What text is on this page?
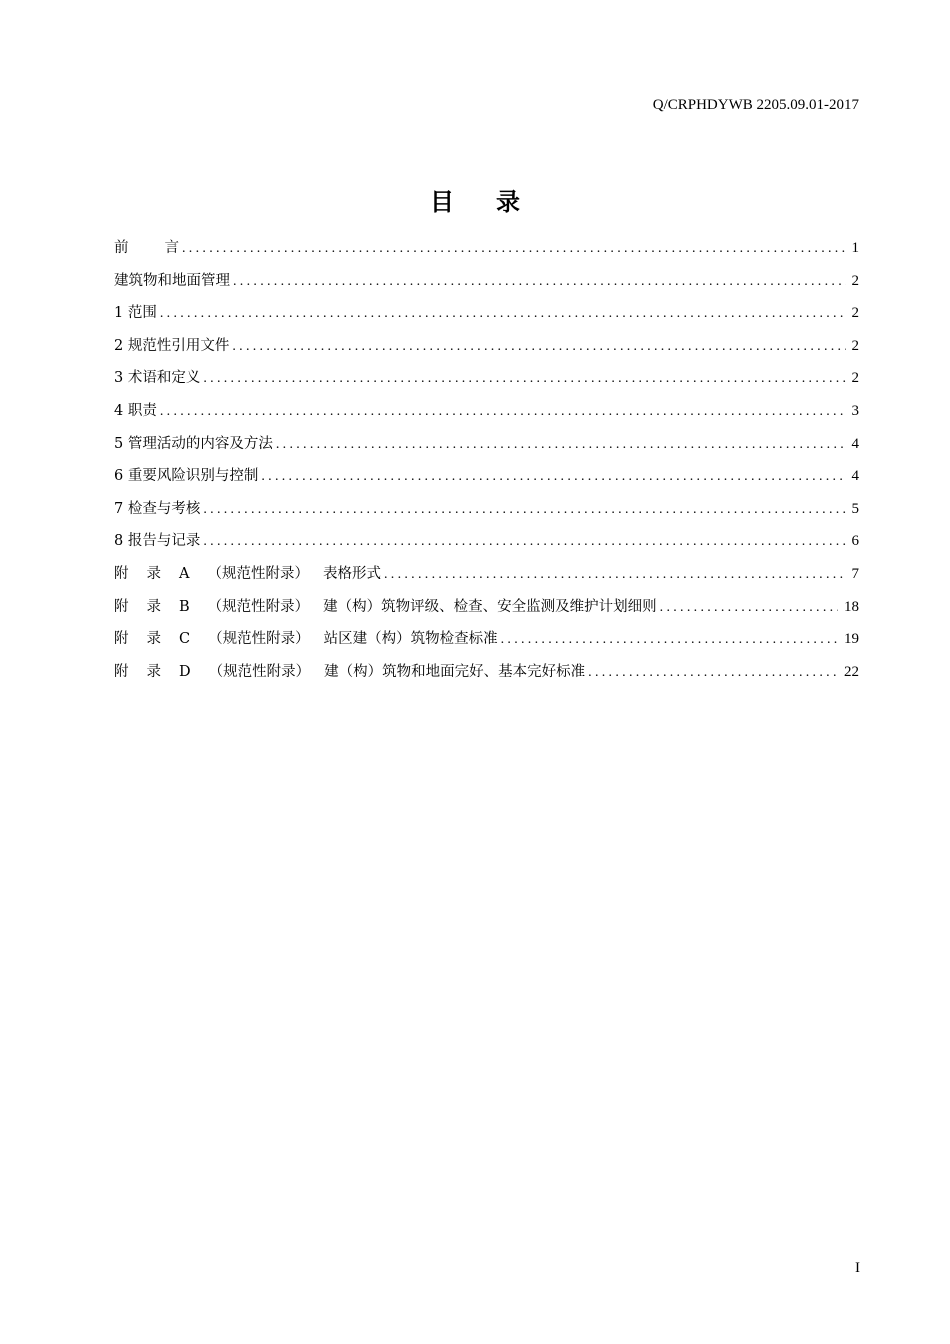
Q/CRPHDYWB 2205.09.01-2017
目 录
前 言 .....	1
建筑物和地面管理 .....	2
1 范围 .....	2
2 规范性引用文件 .....	2
3 术语和定义 .....	2
4 职责 .....	3
5 管理活动的内容及方法 .....	4
6 重要风险识别与控制 .....	4
7 检查与考核 .....	5
8 报告与记录 .....	6
附 录 A （规范性附录） 表格形式 .....	7
附 录 B （规范性附录） 建（构）筑物评级、检查、安全监测及维护计划细则 .....	18
附 录 C （规范性附录） 站区建（构）筑物检查标准 .....	19
附 录 D （规范性附录） 建（构）筑物和地面完好、基本完好标准 .....	22
I
